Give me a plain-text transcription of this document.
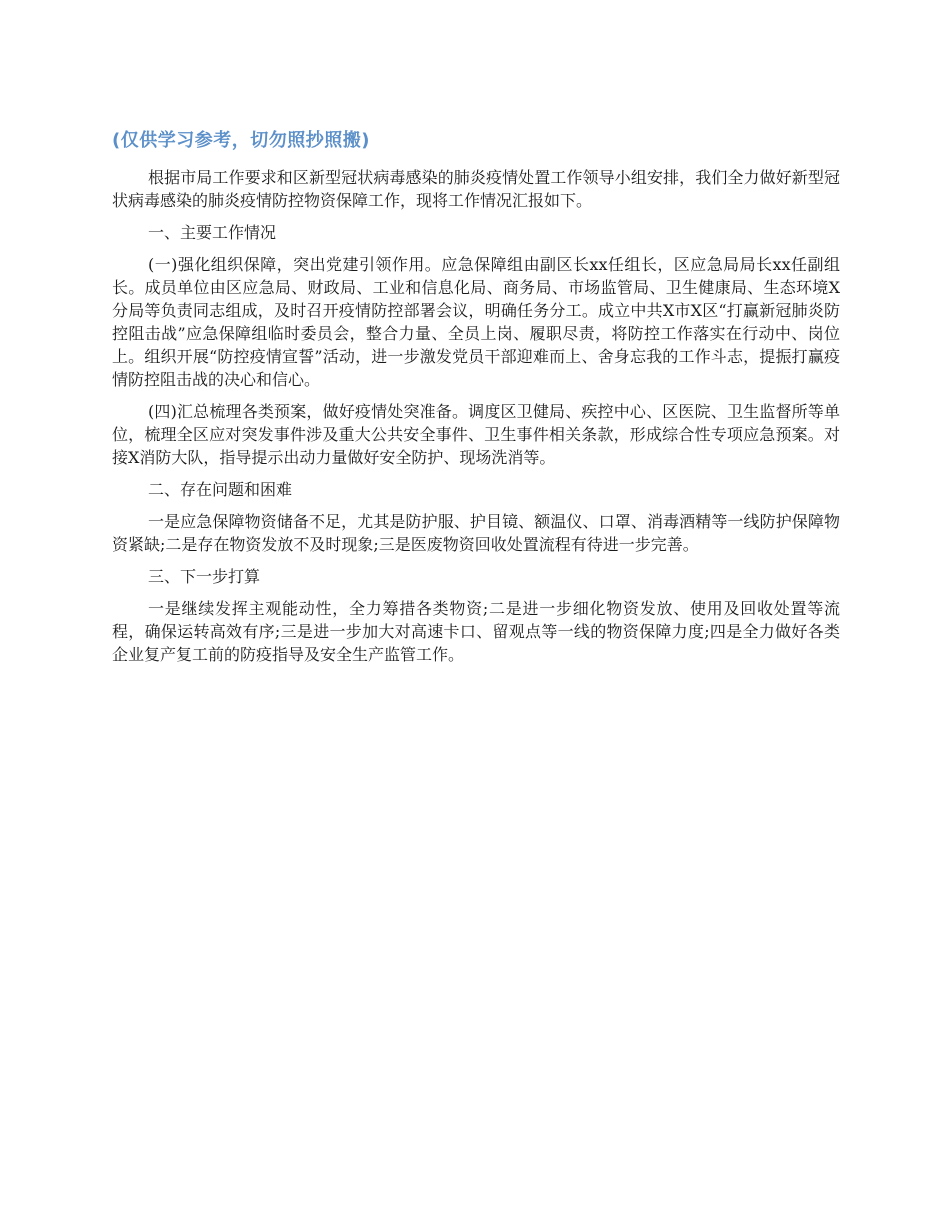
(仅供学习参考，切勿照抄照搬)

根据市局工作要求和区新型冠状病毒感染的肺炎疫情处置工作领导小组安排，我们全力做好新型冠状病毒感染的肺炎疫情防控物资保障工作，现将工作情况汇报如下。

一、主要工作情况

(一)强化组织保障，突出党建引领作用。应急保障组由副区长xx任组长，区应急局局长xx任副组长。成员单位由区应急局、财政局、工业和信息化局、商务局、市场监管局、卫生健康局、生态环境X分局等负责同志组成，及时召开疫情防控部署会议，明确任务分工。成立中共X市X区“打赢新冠肺炎防控阻击战”应急保障组临时委员会，整合力量、全员上岗、履职尽责，将防控工作落实在行动中、岗位上。组织开展“防控疫情宣誓”活动，进一步激发党员干部迎难而上、舍身忘我的工作斗志，提振打赢疫情防控阻击战的决心和信心。

(四)汇总梳理各类预案，做好疫情处突准备。调度区卫健局、疾控中心、区医院、卫生监督所等单位，梳理全区应对突发事件涉及重大公共安全事件、卫生事件相关条款，形成综合性专项应急预案。对接X消防大队，指导提示出动力量做好安全防护、现场洗消等。

二、存在问题和困难

一是应急保障物资储备不足，尤其是防护服、护目镜、额温仪、口罩、消毒酒精等一线防护保障物资紧缺;二是存在物资发放不及时现象;三是医废物资回收处置流程有待进一步完善。

三、下一步打算

一是继续发挥主观能动性，全力筹措各类物资;二是进一步细化物资发放、使用及回收处置等流程，确保运转高效有序;三是进一步加大对高速卡口、留观点等一线的物资保障力度;四是全力做好各类企业复产复工前的防疫指导及安全生产监管工作。
